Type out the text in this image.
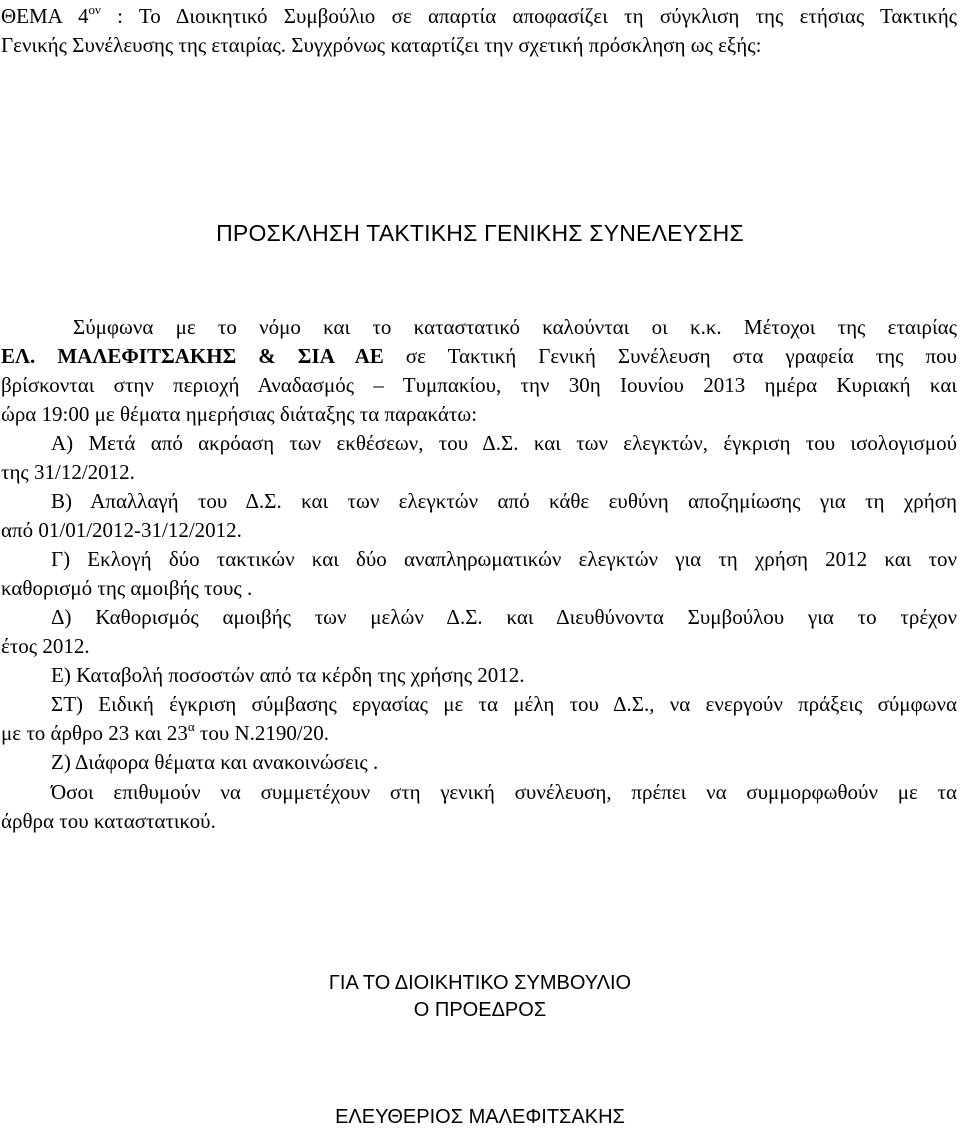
ΘΕΜΑ $4^{o\nu}$ : Το Διοικητικό Συμβούλιο σε απαρτία αποφασίζει τη σύγκλιση της ετήσιας Τακτικής
Γενικής Συνέλευσης της εταιρίας. Συγχρόνως καταρτίζει την σχετική πρόσκληση ως εξής:
ΠΡΟΣΚΛΗΣΗ ΤΑΚΤΙΚΗΣ ΓΕΝΙΚΗΣ ΣΥΝΕΛΕΥΣΗΣ
Σύμφωνα με το νόμο και το καταστατικό καλούνται οι κ.κ. Μέτοχοι της εταιρίας
ΕΛ. ΜΑΛΕΦΙΤΣΑΚΗΣ & ΣΙΑ ΑΕ σε Τακτική Γενική Συνέλευση στα γραφεία της που
βρίσκονται στην περιοχή Αναδασμός – Τυμπακίου, την 30η Ιουνίου 2013 ημέρα Κυριακή και
ώρα 19:00 με θέματα ημερήσιας διάταξης τα παρακάτω:
Α) Μετά από ακρόαση των εκθέσεων, του Δ.Σ. και των ελεγκτών, έγκριση του ισολογισμού
της 31/12/2012.
Β) Απαλλαγή του Δ.Σ. και των ελεγκτών από κάθε ευθύνη αποζημίωσης για τη χρήση
από 01/01/2012-31/12/2012.
Γ) Εκλογή δύο τακτικών και δύο αναπληρωματικών ελεγκτών για τη χρήση 2012 και τον
καθορισμό της αμοιβής τους .
Δ) Καθορισμός αμοιβής των μελών Δ.Σ. και Διευθύνοντα Συμβούλου για το τρέχον
έτος 2012.
Ε) Καταβολή ποσοστών από τα κέρδη της χρήσης 2012.
ΣΤ) Ειδική έγκριση σύμβασης εργασίας με τα μέλη του Δ.Σ., να ενεργούν πράξεις σύμφωνα
με το άρθρο 23 και $23^\alpha$ του Ν.2190/20.
Ζ) Διάφορα θέματα και ανακοινώσεις .
Όσοι επιθυμούν να συμμετέχουν στη γενική συνέλευση, πρέπει να συμμορφωθούν με τα
άρθρα του καταστατικού.
ΓΙΑ ΤΟ ΔΙΟΙΚΗΤΙΚΟ ΣΥΜΒΟΥΛΙΟ
Ο ΠΡΟΕΔΡΟΣ
ΕΛΕΥΘΕΡΙΟΣ ΜΑΛΕΦΙΤΣΑΚΗΣ
